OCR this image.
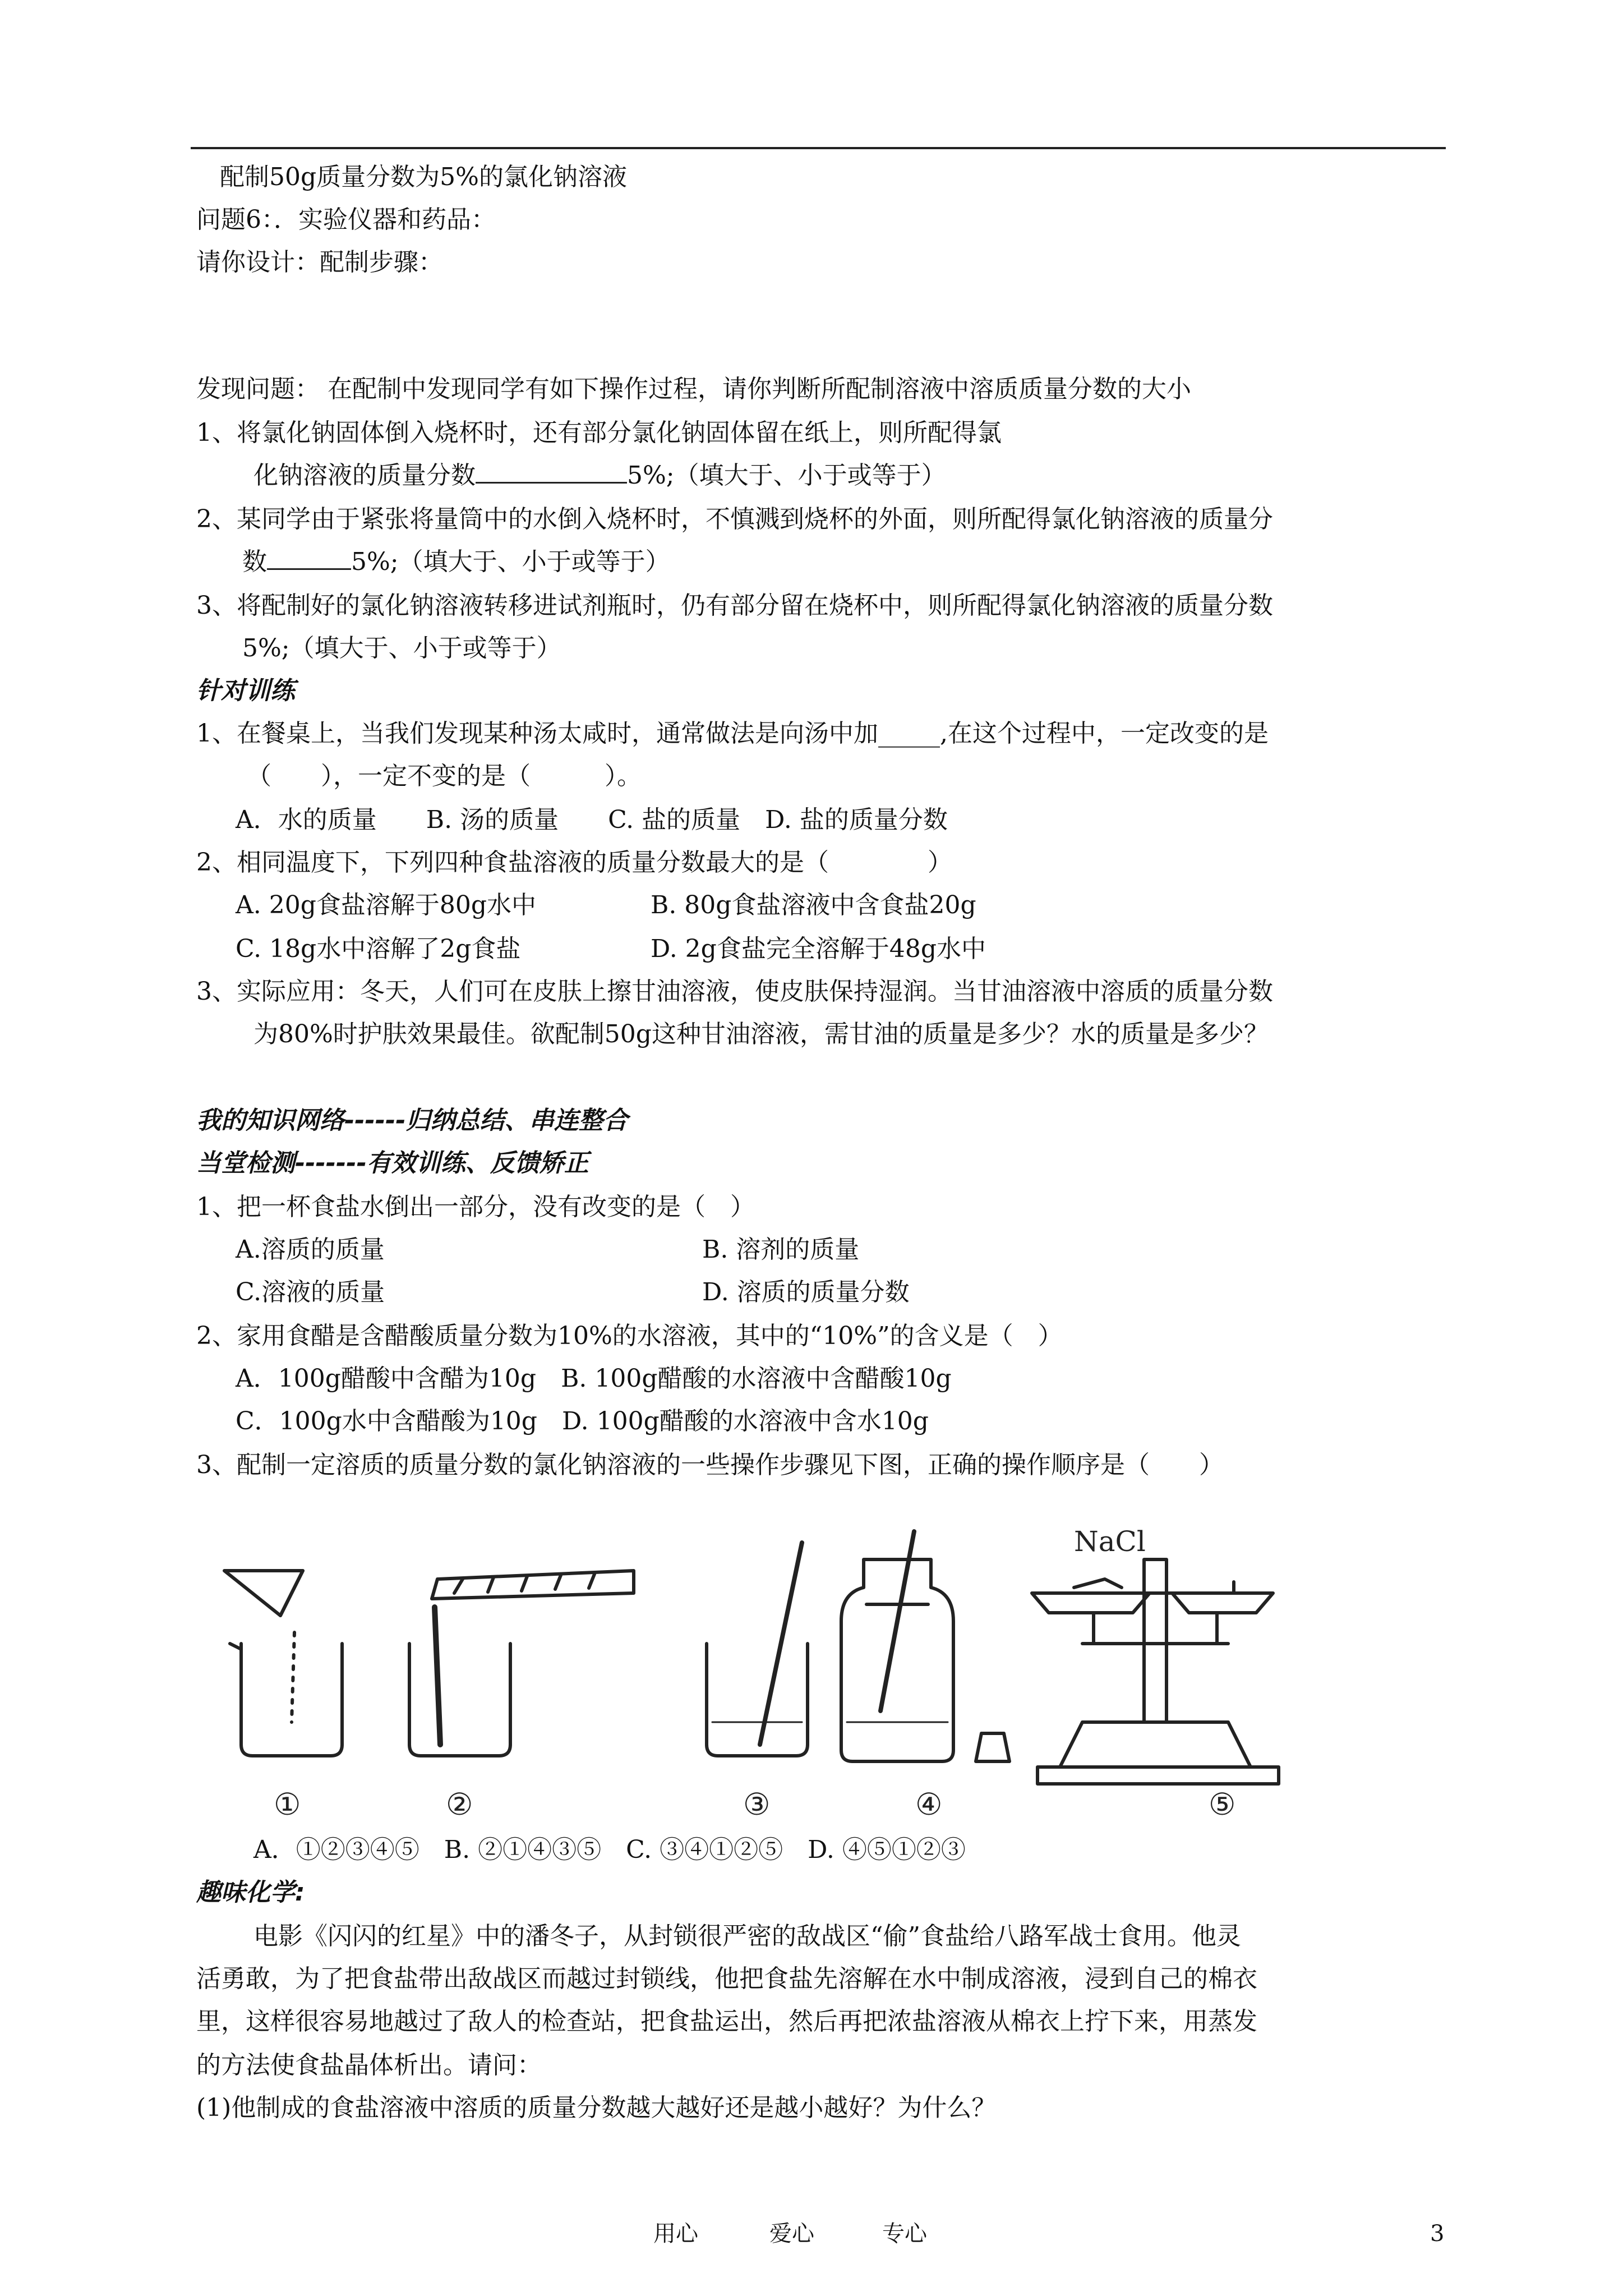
配制50g质量分数为5%的氯化钠溶液
问题6：．实验仪器和药品：
请你设计：配制步骤：
发现问题： 在配制中发现同学有如下操作过程，请你判断所配制溶液中溶质质量分数的大小
1、将氯化钠固体倒入烧杯时，还有部分氯化钠固体留在纸上，则所配得氯
化钠溶液的质量分数	5%;（填大于、小于或等于）
2、某同学由于紧张将量筒中的水倒入烧杯时，不慎溅到烧杯的外面，则所配得氯化钠溶液的质量分
数	5%;（填大于、小于或等于）
3、将配制好的氯化钠溶液转移进试剂瓶时，仍有部分留在烧杯中，则所配得氯化钠溶液的质量分数
5%;（填大于、小于或等于）
针对训练
1、在餐桌上，当我们发现某种汤太咸时，通常做法是向汤中加_____,在这个过程中，一定改变的是
（　　），一定不变的是（　　　）。
A．水的质量　　B. 汤的质量　　C. 盐的质量　D. 盐的质量分数
2、相同温度下，下列四种食盐溶液的质量分数最大的是（　　　　）
A. 20g食盐溶解于80g水中	B. 80g食盐溶液中含食盐20g
C. 18g水中溶解了2g食盐	D. 2g食盐完全溶解于48g水中
3、实际应用：冬天，人们可在皮肤上擦甘油溶液，使皮肤保持湿润。当甘油溶液中溶质的质量分数
为80%时护肤效果最佳。欲配制50g这种甘油溶液，需甘油的质量是多少？水的质量是多少？
我的知识网络------归纳总结、串连整合
当堂检测-------有效训练、反馈矫正
1、把一杯食盐水倒出一部分，没有改变的是（　）
A.溶质的质量	B. 溶剂的质量
C.溶液的质量	D. 溶质的质量分数
2、家用食醋是含醋酸质量分数为10%的水溶液，其中的“10%”的含义是（　）
A．100g醋酸中含醋为10g　B. 100g醋酸的水溶液中含醋酸10g
C．100g水中含醋酸为10g　D. 100g醋酸的水溶液中含水10g
3、配制一定溶质的质量分数的氯化钠溶液的一些操作步骤见下图，正确的操作顺序是（　　）
NaCl
①	②	③	④	⑤
A．①②③④⑤　B. ②①④③⑤　C. ③④①②⑤　D. ④⑤①②③
趣味化学:
电影《闪闪的红星》中的潘冬子，从封锁很严密的敌战区“偷”食盐给八路军战士食用。他灵
活勇敢，为了把食盐带出敌战区而越过封锁线，他把食盐先溶解在水中制成溶液，浸到自己的棉衣
里，这样很容易地越过了敌人的检查站，把食盐运出，然后再把浓盐溶液从棉衣上拧下来，用蒸发
的方法使食盐晶体析出。请问：
(1)他制成的食盐溶液中溶质的质量分数越大越好还是越小越好？为什么？
用心	爱心	专心	3
